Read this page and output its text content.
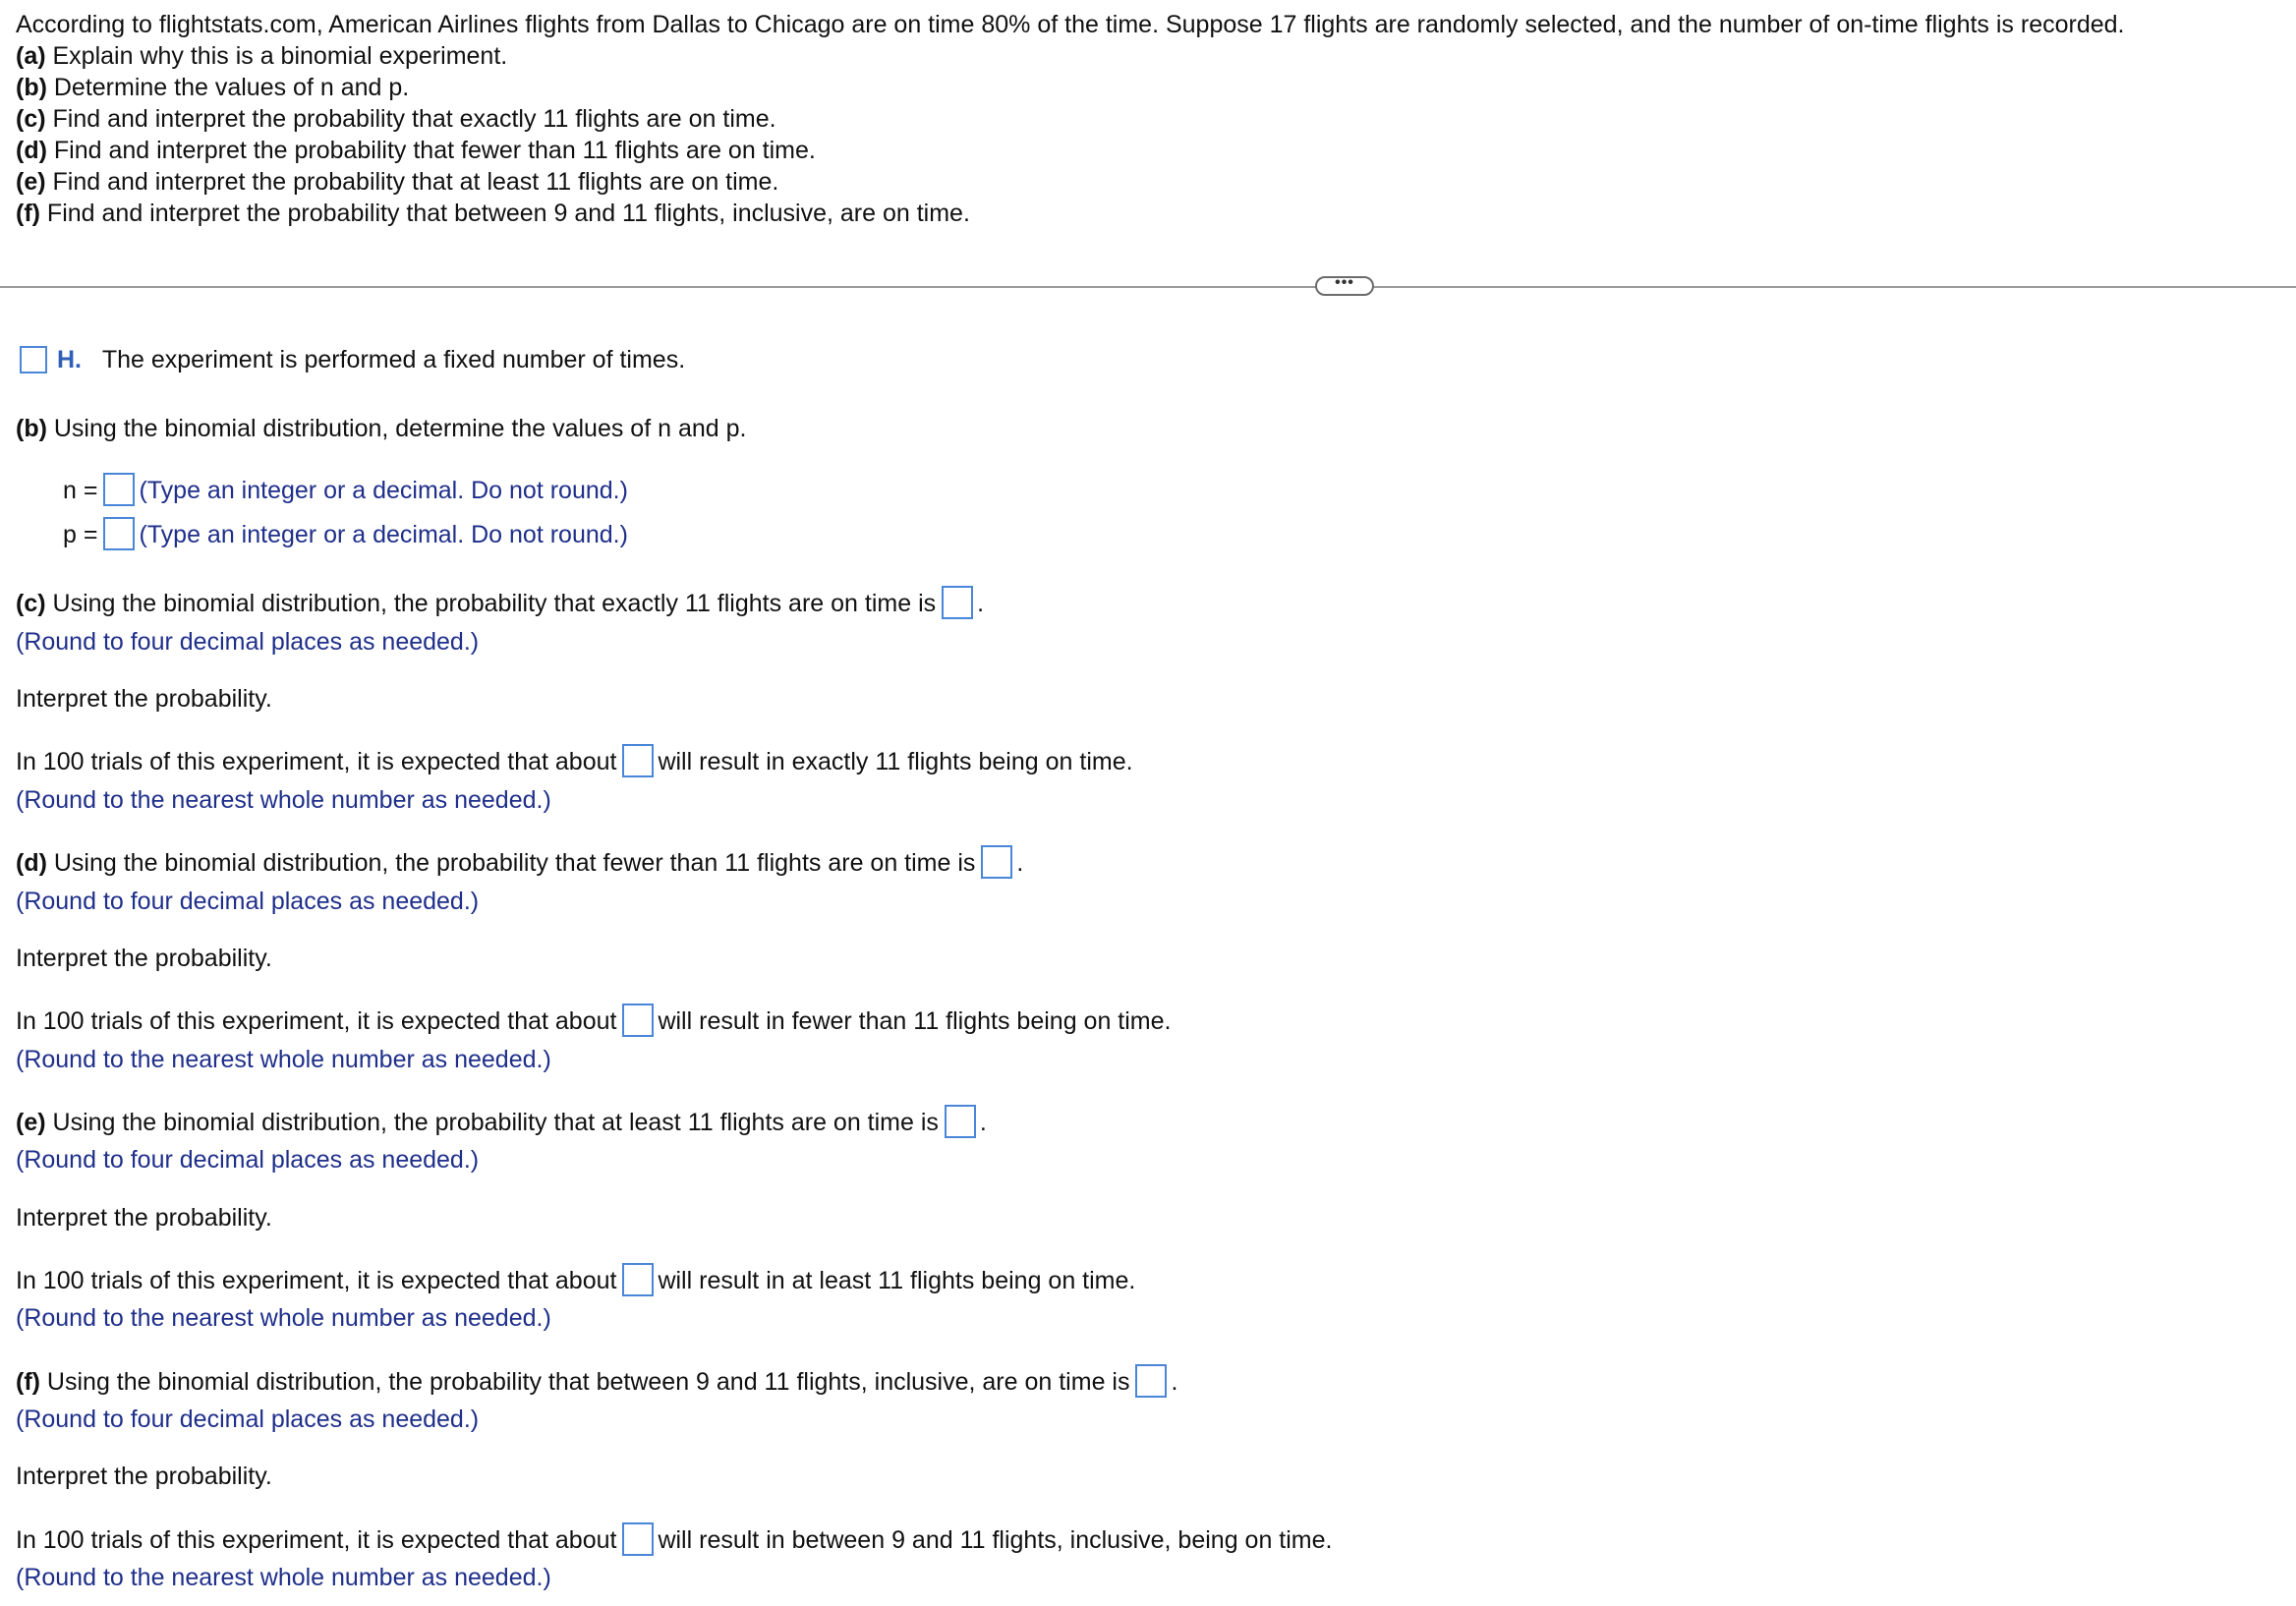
According to flightstats.com, American Airlines flights from Dallas to Chicago are on time 80% of the time. Suppose 17 flights are randomly selected, and the number of on-time flights is recorded.
(a) Explain why this is a binomial experiment.
(b) Determine the values of n and p.
(c) Find and interpret the probability that exactly 11 flights are on time.
(d) Find and interpret the probability that fewer than 11 flights are on time.
(e) Find and interpret the probability that at least 11 flights are on time.
(f) Find and interpret the probability that between 9 and 11 flights, inclusive, are on time.
•••
H. The experiment is performed a fixed number of times.
(b) Using the binomial distribution, determine the values of n and p.
n = (Type an integer or a decimal. Do not round.)
p = (Type an integer or a decimal. Do not round.)
(c) Using the binomial distribution, the probability that exactly 11 flights are on time is .
(Round to four decimal places as needed.)
Interpret the probability.
In 100 trials of this experiment, it is expected that about will result in exactly 11 flights being on time.
(Round to the nearest whole number as needed.)
(d) Using the binomial distribution, the probability that fewer than 11 flights are on time is .
(Round to four decimal places as needed.)
Interpret the probability.
In 100 trials of this experiment, it is expected that about will result in fewer than 11 flights being on time.
(Round to the nearest whole number as needed.)
(e) Using the binomial distribution, the probability that at least 11 flights are on time is .
(Round to four decimal places as needed.)
Interpret the probability.
In 100 trials of this experiment, it is expected that about will result in at least 11 flights being on time.
(Round to the nearest whole number as needed.)
(f) Using the binomial distribution, the probability that between 9 and 11 flights, inclusive, are on time is .
(Round to four decimal places as needed.)
Interpret the probability.
In 100 trials of this experiment, it is expected that about will result in between 9 and 11 flights, inclusive, being on time.
(Round to the nearest whole number as needed.)
